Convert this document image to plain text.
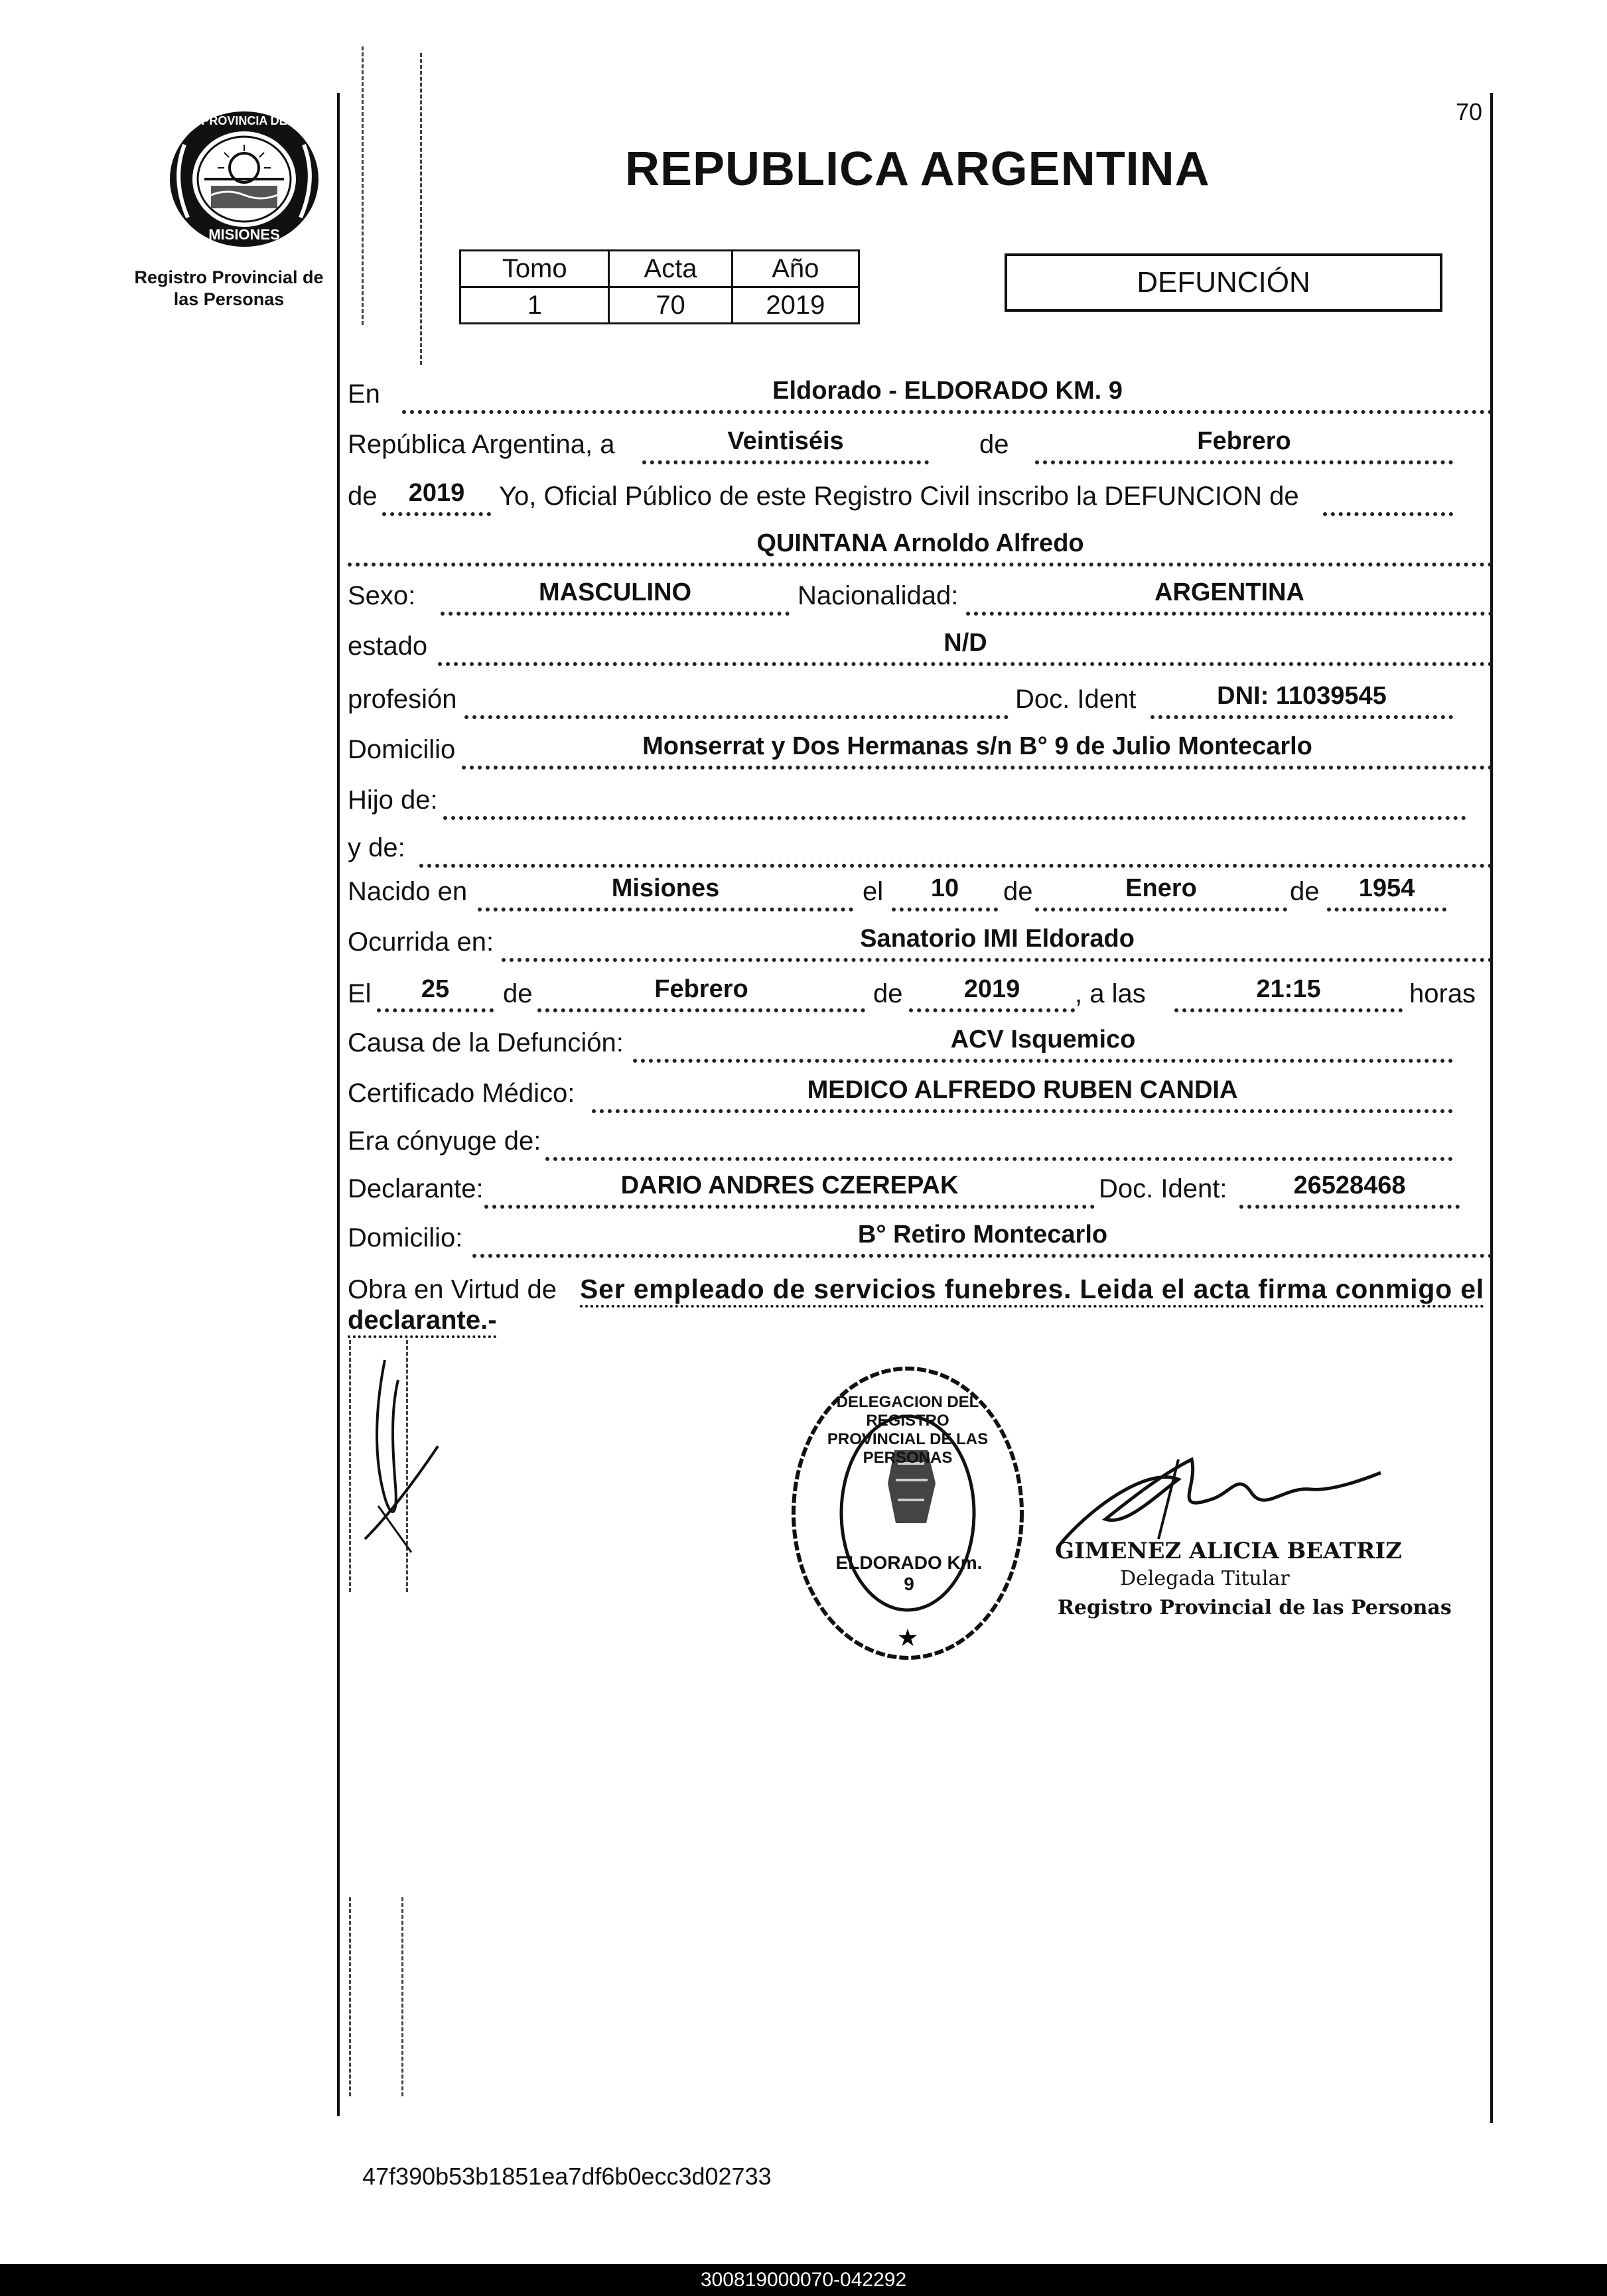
PROVINCIA DE
MISIONES
Registro Provincial de las Personas
70
REPUBLICA ARGENTINA
Tomo	Acta	Año
1	70	2019
DEFUNCIÓN
En	Eldorado - ELDORADO KM. 9
República Argentina, a	Veintiséis	de	Febrero
de	2019	Yo, Oficial Público de este Registro Civil inscribo la DEFUNCION de
QUINTANA Arnoldo Alfredo
Sexo:	MASCULINO	Nacionalidad:	ARGENTINA
estado	N/D
profesión	Doc. Ident	DNI: 11039545
Domicilio	Monserrat y Dos Hermanas s/n B° 9 de Julio Montecarlo
Hijo de:
y de:
Nacido en	Misiones	el	10	de	Enero	de	1954
Ocurrida en:	Sanatorio IMI Eldorado
El	25	de	Febrero	de	2019	, a las	21:15	horas
Causa de la Defunción:	ACV Isquemico
Certificado Médico:	MEDICO ALFREDO RUBEN CANDIA
Era cónyuge de:
Declarante:	DARIO ANDRES CZEREPAK	Doc. Ident:	26528468
Domicilio:	B° Retiro Montecarlo
Obra en Virtud de Ser empleado de servicios funebres. Leida el acta firma conmigo el
declarante.-
★
DELEGACION DEL REGISTRO PROVINCIAL DE LAS PERSONAS
ELDORADO Km. 9
GIMENEZ ALICIA BEATRIZ
Delegada Titular
Registro Provincial de las Personas
47f390b53b1851ea7df6b0ecc3d02733
300819000070-042292
